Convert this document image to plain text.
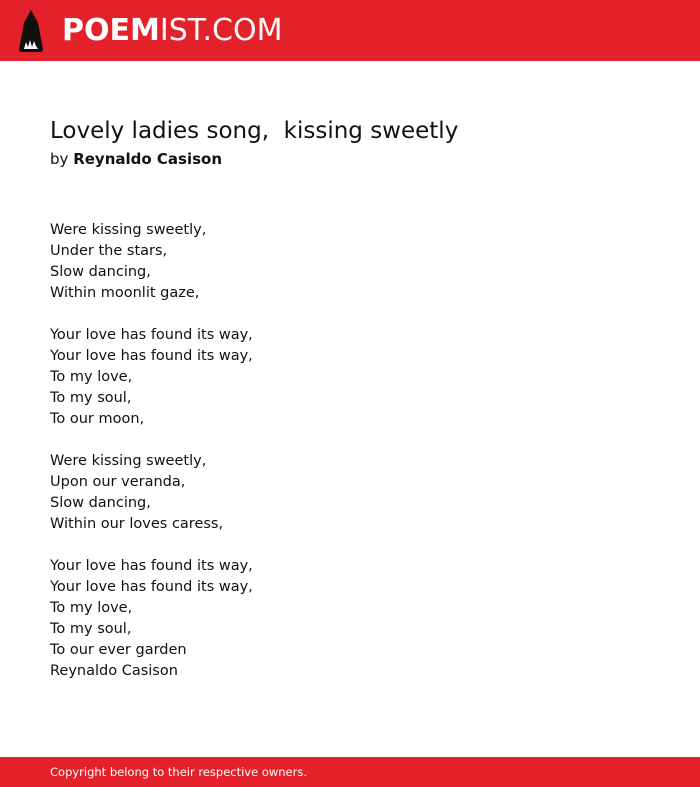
POEMIST.COM
Lovely ladies song,  kissing sweetly
by Reynaldo Casison
Were kissing sweetly,
Under the stars,
Slow dancing,
Within moonlit gaze,
Your love has found its way,
Your love has found its way,
To my love,
To my soul,
To our moon,
Were kissing sweetly,
Upon our veranda,
Slow dancing,
Within our loves caress,
Your love has found its way,
Your love has found its way,
To my love,
To my soul,
To our ever garden
Reynaldo Casison
Copyright belong to their respective owners.
